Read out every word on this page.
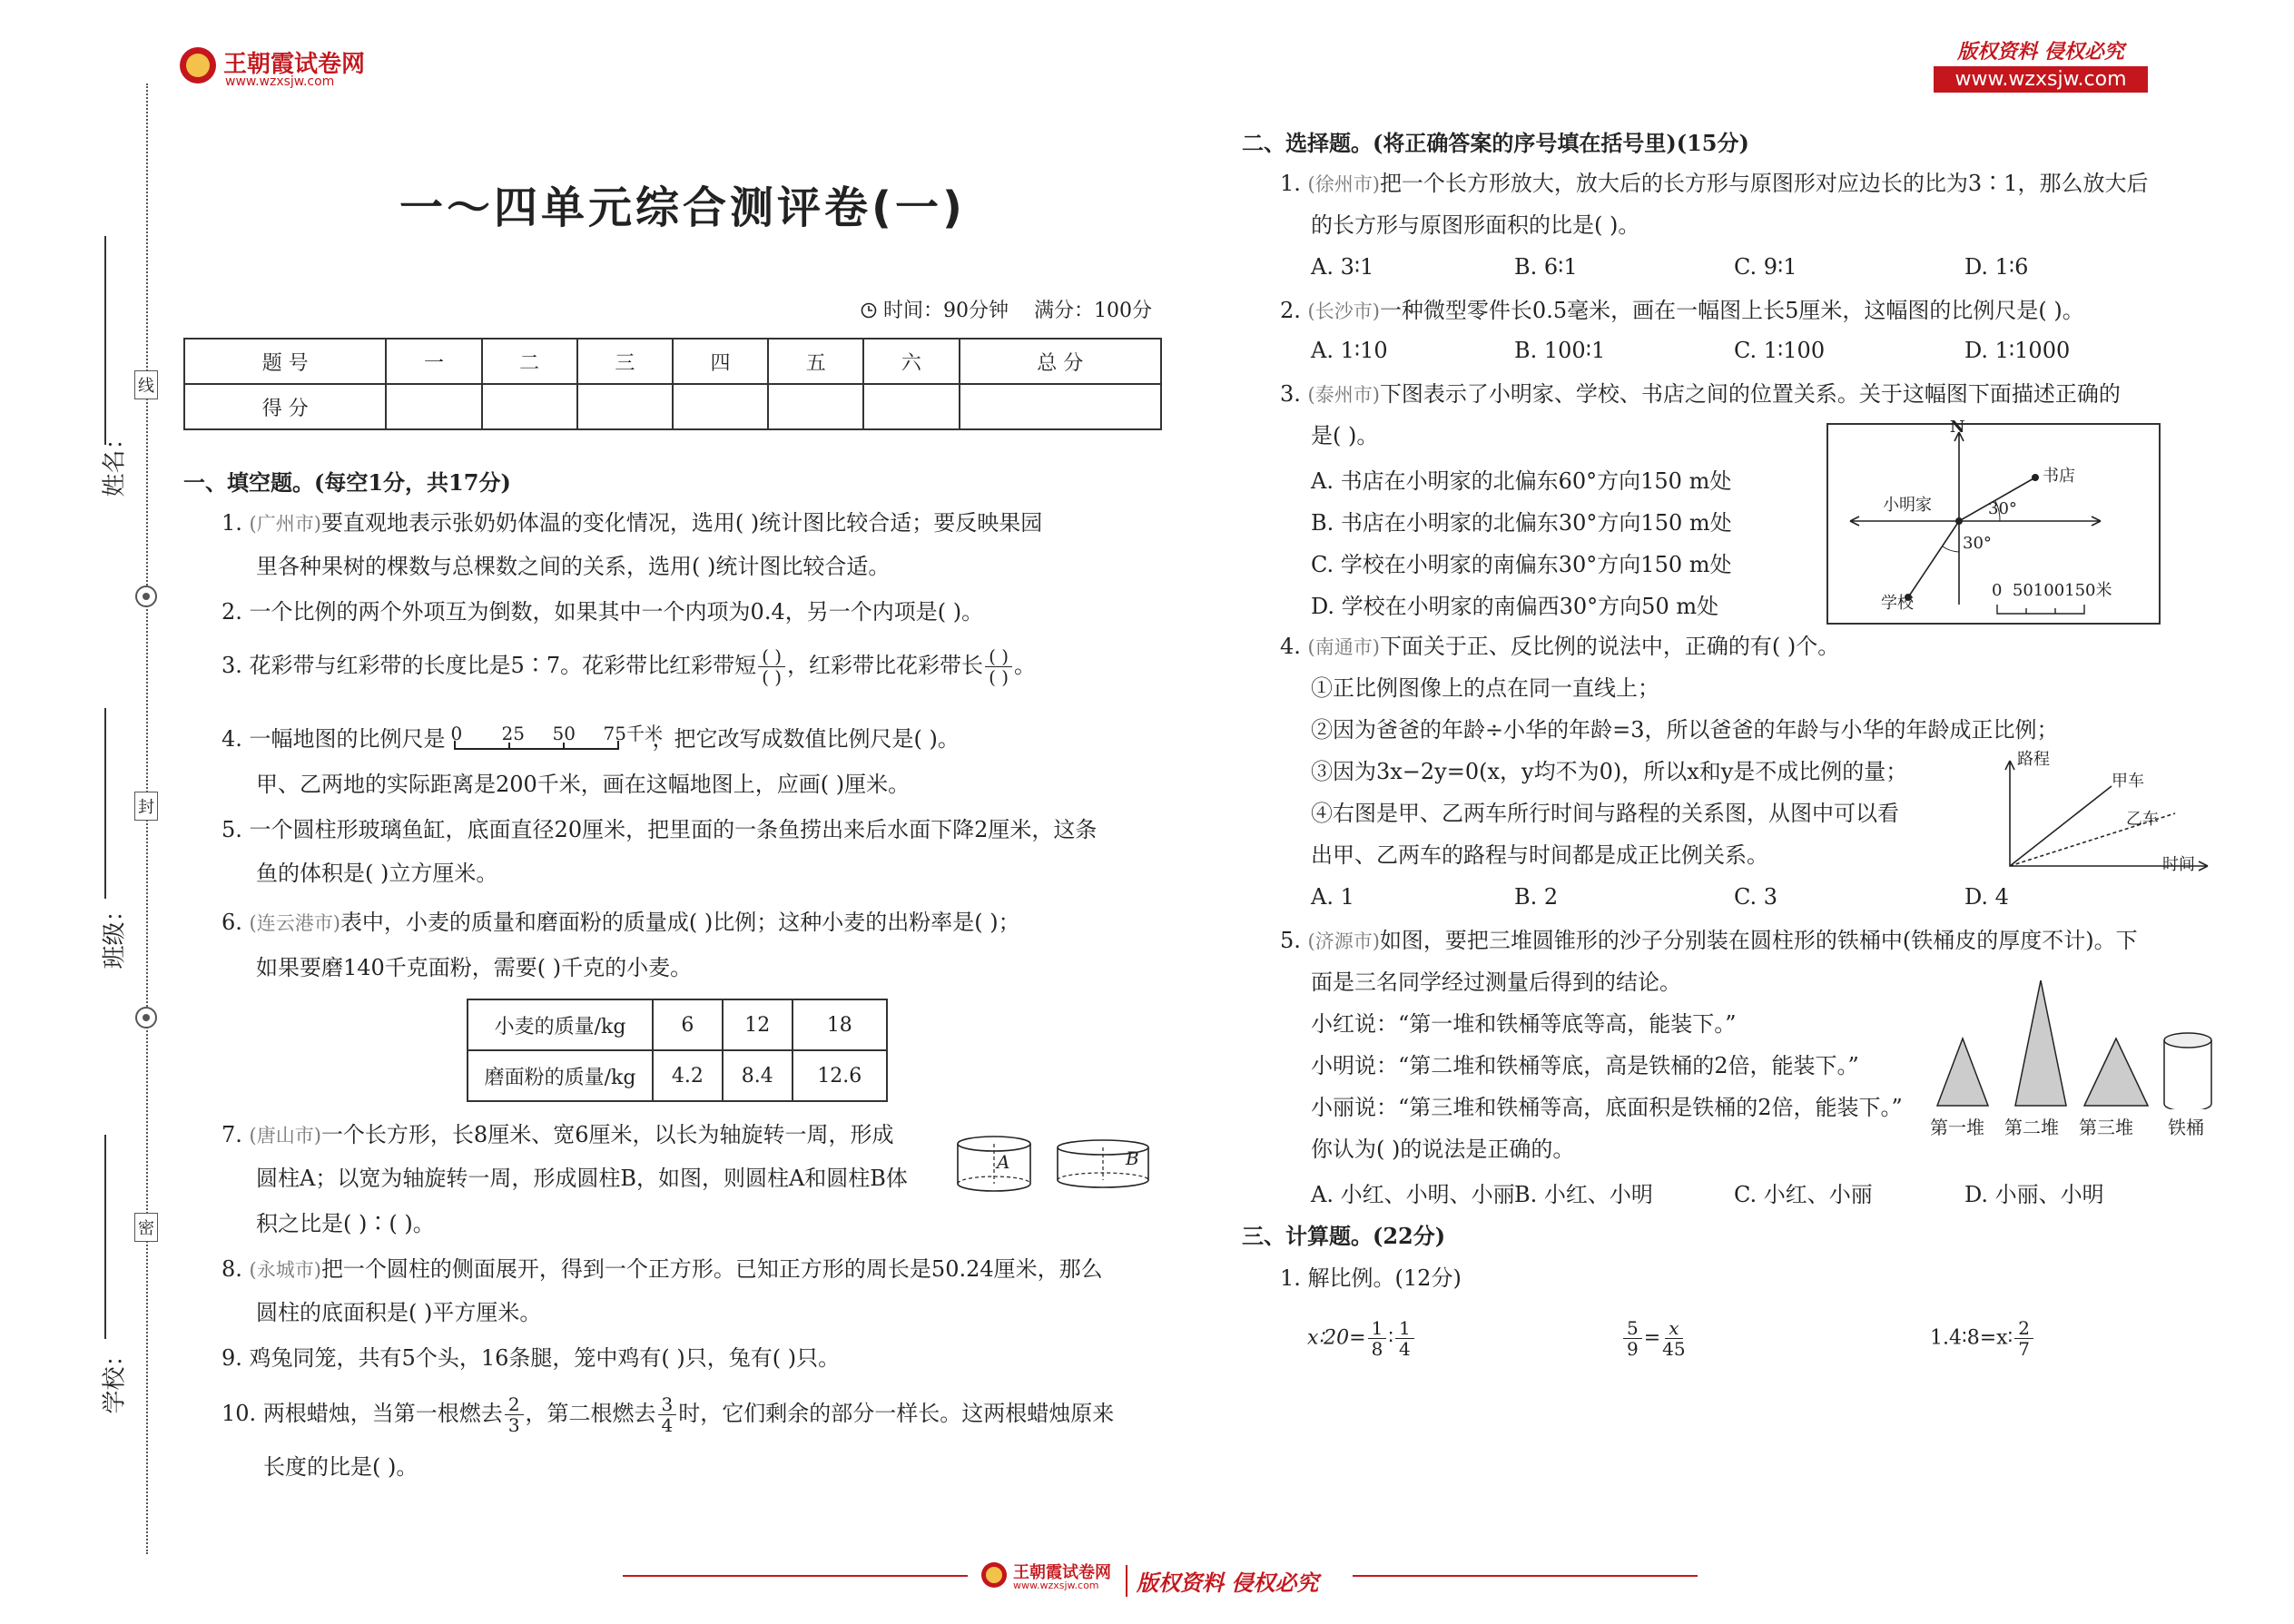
王朝霞试卷网
www.wzxsjw.com
版权资料 侵权必究
www.wzxsjw.com
线
封
密
姓名：
班级：
学校：
一～四单元综合测评卷(一)
时间：90分钟 满分：100分
题 号	一	二	三	四	五	六	总 分
得 分							
一、填空题。(每空1分，共17分)
1. (广州市)要直观地表示张奶奶体温的变化情况，选用( )统计图比较合适；要反映果园
里各种果树的棵数与总棵数之间的关系，选用( )统计图比较合适。
2. 一个比例的两个外项互为倒数，如果其中一个内项为0.4，另一个内项是( )。
3. 花彩带与红彩带的长度比是5∶7。花彩带比红彩带短 $\frac{( )}{( )}$ ，红彩带比花彩带长 $\frac{( )}{( )}$ 。
4. 一幅地图的比例尺是 0 25 50 75千米
，把它改写成数值比例尺是( )。
甲、乙两地的实际距离是200千米，画在这幅地图上，应画( )厘米。
5. 一个圆柱形玻璃鱼缸，底面直径20厘米，把里面的一条鱼捞出来后水面下降2厘米，这条
鱼的体积是( )立方厘米。
6. (连云港市)表中，小麦的质量和磨面粉的质量成( )比例；这种小麦的出粉率是( )；
如果要磨140千克面粉，需要( )千克的小麦。
小麦的质量/kg	6	12	18
磨面粉的质量/kg	4.2	8.4	12.6
7. (唐山市)一个长方形，长8厘米、宽6厘米，以长为轴旋转一周，形成
圆柱A；以宽为轴旋转一周，形成圆柱B，如图，则圆柱A和圆柱B体
积之比是( )∶( )。
A	B
8. (永城市)把一个圆柱的侧面展开，得到一个正方形。已知正方形的周长是50.24厘米，那么
圆柱的底面积是( )平方厘米。
9. 鸡兔同笼，共有5个头，16条腿，笼中鸡有( )只，兔有( )只。
10. 两根蜡烛，当第一根燃去 $\frac{2}{3}$ ，第二根燃去 $\frac{3}{4}$ 时，它们剩余的部分一样长。这两根蜡烛原来
长度的比是( )。
二、选择题。(将正确答案的序号填在括号里)(15分)
1. (徐州市)把一个长方形放大，放大后的长方形与原图形对应边长的比为3∶1，那么放大后
的长方形与原图形面积的比是( )。
A. 3∶1	B. 6∶1	C. 9∶1	D. 1∶6
2. (长沙市)一种微型零件长0.5毫米，画在一幅图上长5厘米，这幅图的比例尺是( )。
A. 1∶10	B. 100∶1	C. 1∶100	D. 1∶1000
3. (泰州市)下图表示了小明家、学校、书店之间的位置关系。关于这幅图下面描述正确的
是( )。
A. 书店在小明家的北偏东60°方向150 m处
B. 书店在小明家的北偏东30°方向150 m处
C. 学校在小明家的南偏东30°方向150 m处
D. 学校在小明家的南偏西30°方向50 m处
N
小明家
书店
学校
30°
30°
0  50100150米
4. (南通市)下面关于正、反比例的说法中，正确的有( )个。
①正比例图像上的点在同一直线上；
②因为爸爸的年龄÷小华的年龄=3，所以爸爸的年龄与小华的年龄成正比例；
③因为3x−2y=0(x，y均不为0)，所以x和y是不成比例的量；
④右图是甲、乙两车所行时间与路程的关系图，从图中可以看
出甲、乙两车的路程与时间都是成正比例关系。
路程
甲车
乙车
时间
A. 1	B. 2	C. 3	D. 4
5. (济源市)如图，要把三堆圆锥形的沙子分别装在圆柱形的铁桶中(铁桶皮的厚度不计)。下
面是三名同学经过测量后得到的结论。
小红说：“第一堆和铁桶等底等高，能装下。”
小明说：“第二堆和铁桶等底，高是铁桶的2倍，能装下。”
小丽说：“第三堆和铁桶等高，底面积是铁桶的2倍，能装下。”
你认为( )的说法是正确的。
第一堆 第二堆 第三堆 铁桶
A. 小红、小明、小丽 B. 小红、小明	C. 小红、小丽	D. 小丽、小明
三、计算题。(22分)
1. 解比例。(12分)
x∶20= $\frac{1}{8}$ ∶ $\frac{1}{4}$	$\frac{5}{9} = \frac{x}{45}$	1.4∶8=x∶ $\frac{2}{7}$
王朝霞试卷网
www.wzxsjw.com	版权资料 侵权必究
